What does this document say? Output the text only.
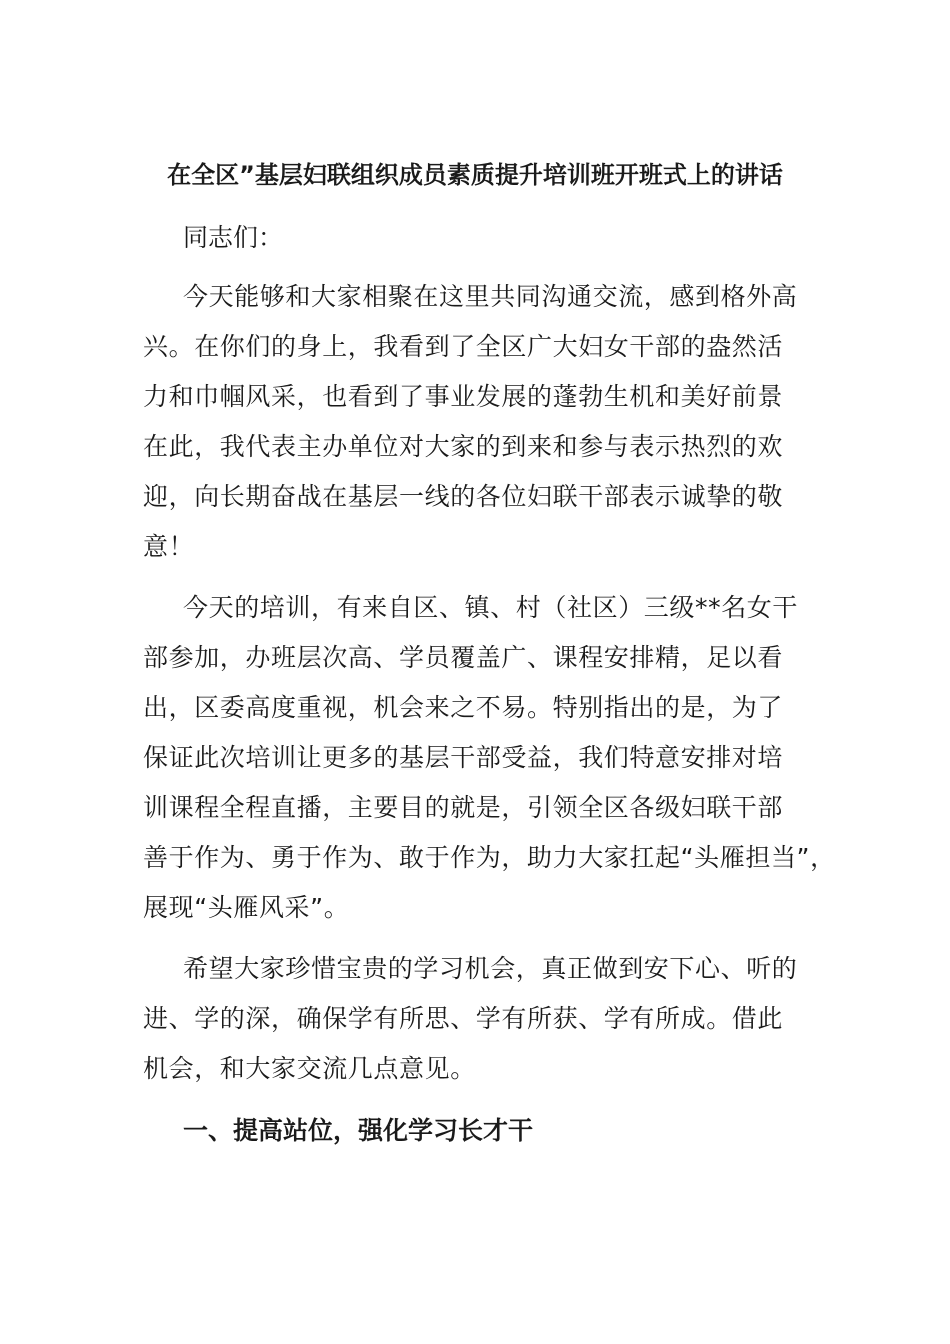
在全区”基层妇联组织成员素质提升培训班开班式上的讲话
同志们：
今天能够和大家相聚在这里共同沟通交流，感到格外高
兴。在你们的身上，我看到了全区广大妇女干部的盎然活
力和巾帼风采，也看到了事业发展的蓬勃生机和美好前景
在此，我代表主办单位对大家的到来和参与表示热烈的欢
迎，向长期奋战在基层一线的各位妇联干部表示诚挚的敬
意！
今天的培训，有来自区、镇、村（社区）三级**名女干
部参加，办班层次高、学员覆盖广、课程安排精，足以看
出，区委高度重视，机会来之不易。特别指出的是，为了
保证此次培训让更多的基层干部受益，我们特意安排对培
训课程全程直播，主要目的就是，引领全区各级妇联干部
善于作为、勇于作为、敢于作为，助力大家扛起“头雁担当”，
展现“头雁风采”。
希望大家珍惜宝贵的学习机会，真正做到安下心、听的
进、学的深，确保学有所思、学有所获、学有所成。借此
机会，和大家交流几点意见。
一、提高站位，强化学习长才干
